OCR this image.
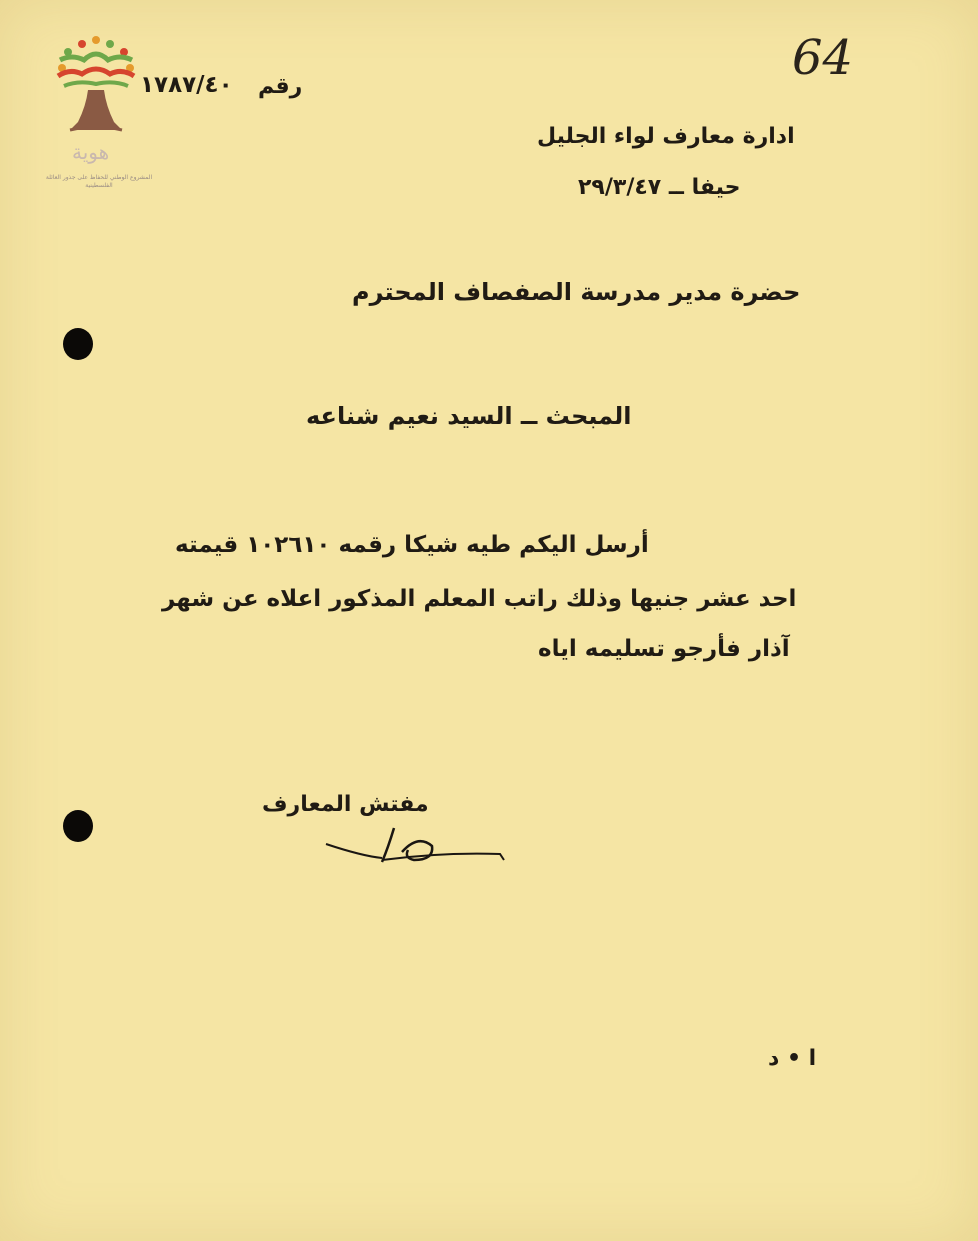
هوية
المشروع الوطني للحفاظ على جذور العائلة الفلسطينية
64
رقم
١٧٨٧/٤٠
ادارة معارف لواء الجليل
حيفا ــ ٢٩/٣/٤٧
حضرة مدير مدرسة الصفصاف المحترم
المبحث ــ السيد نعيم شناعه
أرسل اليكم طيه شيكا رقمه ١٠٢٦١٠ قيمته
احد عشر جنيها وذلك راتب المعلم المذكور اعلاه عن شهر
آذار فأرجو تسليمه اياه
مفتش المعارف
ا • د
